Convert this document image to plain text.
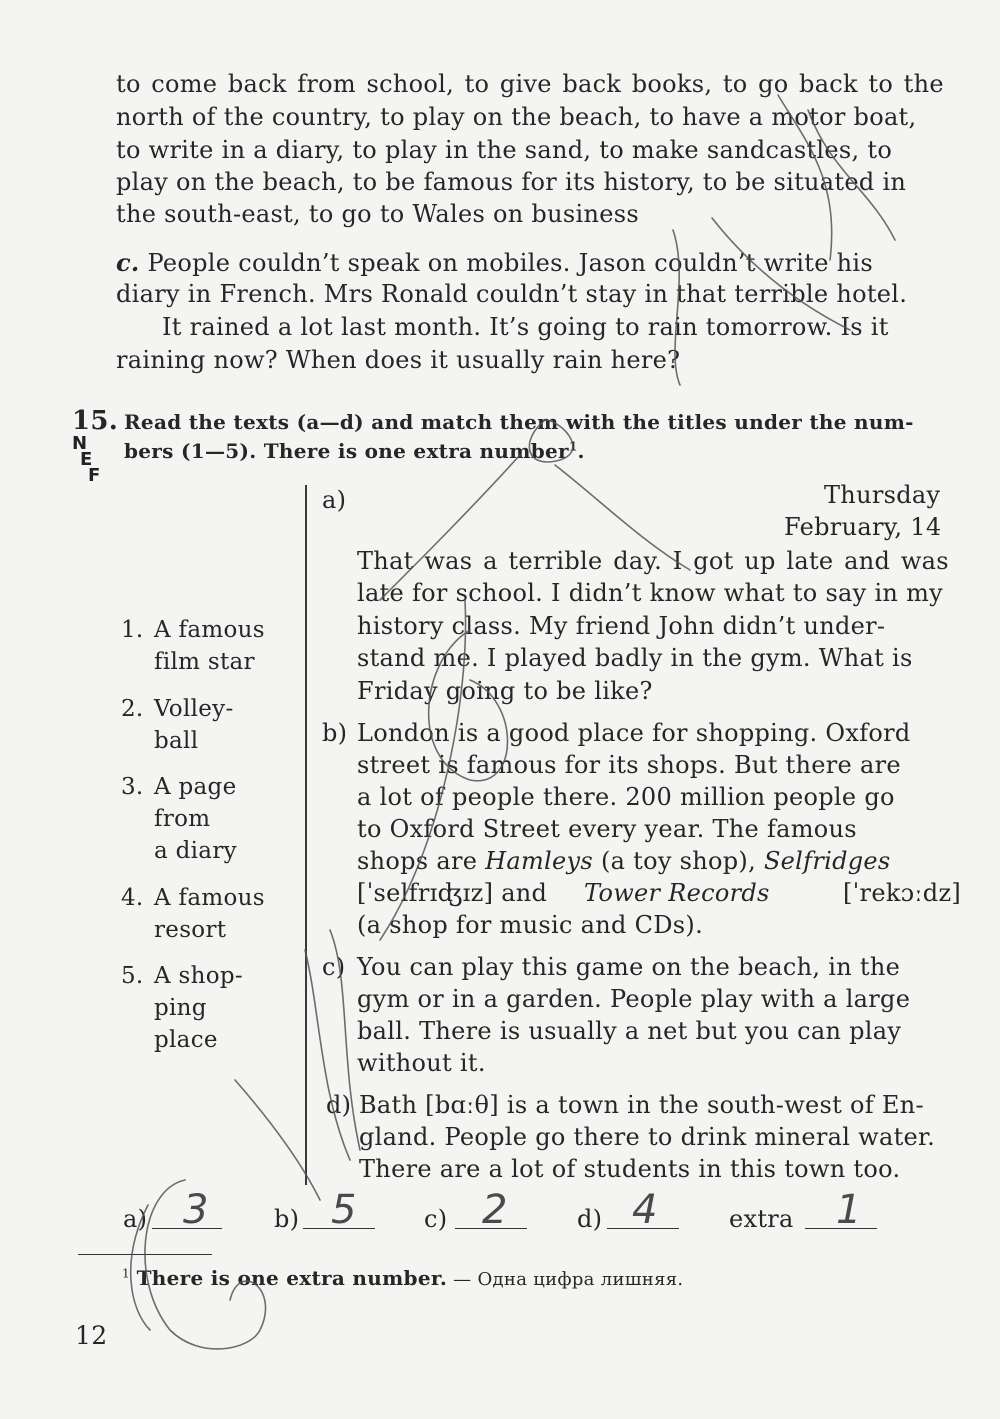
to come back from school, to give back books, to go back to the
north of the country, to play on the beach, to have a motor boat,
to write in a diary, to play in the sand, to make sandcastles, to
play on the beach, to be famous for its history, to be situated in
the south-east, to go to Wales on business
c. People couldn’t speak on mobiles. Jason couldn’t write his
diary in French. Mrs Ronald couldn’t stay in that terrible hotel.
It rained a lot last month. It’s going to rain tomorrow. Is it
raining now? When does it usually rain here?
15. Read the texts (a—d) and match them with the titles under the num-
bers (1—5). There is one extra number$^1$.
N
E
F
1. A famous
film star
2. Volley-
ball
3. A page
from
a diary
4. A famous
resort
5. A shop-
ping
place
a)	Thursday
February, 14
That was a terrible day. I got up late and was
late for school. I didn’t know what to say in my
history class. My friend John didn’t under-
stand me. I played badly in the gym. What is
Friday going to be like?
b) London is a good place for shopping. Oxford
street is famous for its shops. But there are
a lot of people there. 200 million people go
to Oxford Street every year. The famous
shops are Hamleys (a toy shop), Selfridges
[ˈselfrɪʤɪz] and Tower Records	[ˈrekɔːdz]
(a shop for music and CDs).
c) You can play this game on the beach, in the
gym or in a garden. People play with a large
ball. There is usually a net but you can play
without it.
d) Bath [bɑːθ] is a town in the south-west of En-
gland. People go there to drink mineral water.
There are a lot of students in this town too.
a) 3	b) 5	c) 2	d) 4	extra 1
$^1$ There is one extra number. — Одна цифра лишняя.
12
